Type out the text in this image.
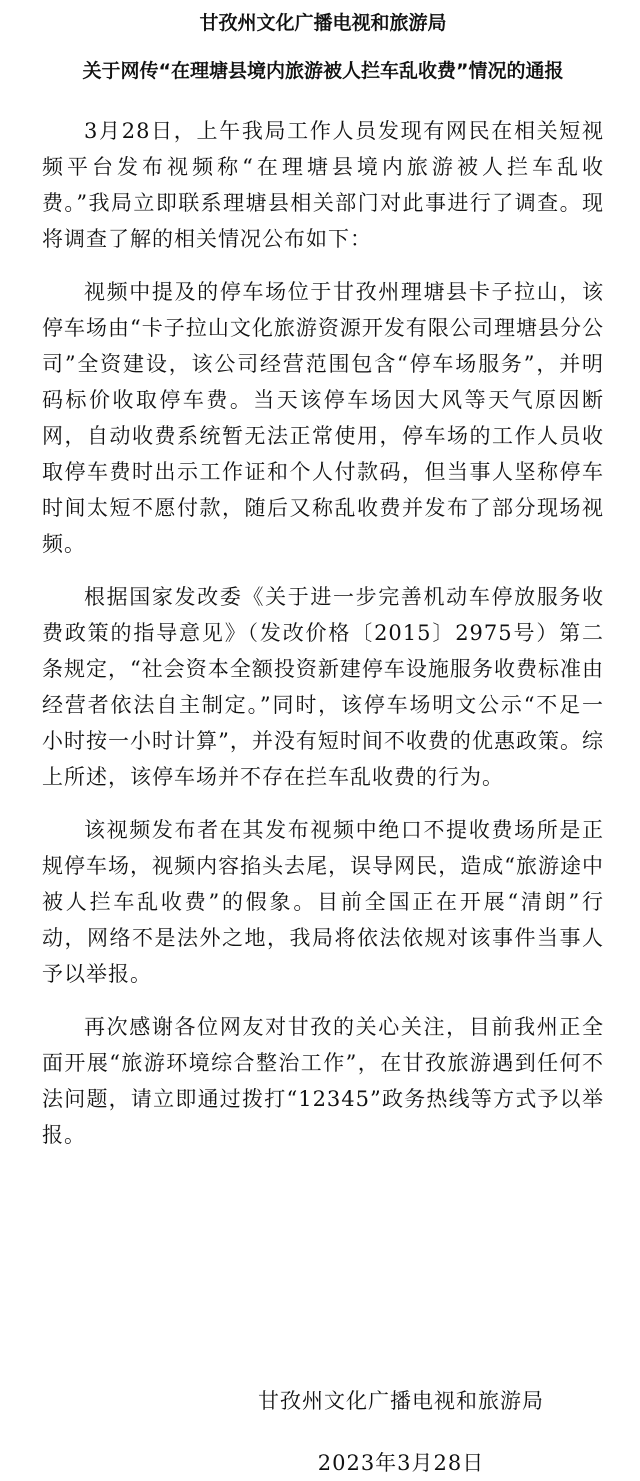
甘孜州文化广播电视和旅游局
关于网传“在理塘县境内旅游被人拦车乱收费”情况的通报

3月28日，上午我局工作人员发现有网民在相关短视频平台发布视频称“在理塘县境内旅游被人拦车乱收费。”我局立即联系理塘县相关部门对此事进行了调查。现将调查了解的相关情况公布如下：

视频中提及的停车场位于甘孜州理塘县卡子拉山，该停车场由“卡子拉山文化旅游资源开发有限公司理塘县分公司”全资建设，该公司经营范围包含“停车场服务”，并明码标价收取停车费。当天该停车场因大风等天气原因断网，自动收费系统暂无法正常使用，停车场的工作人员收取停车费时出示工作证和个人付款码，但当事人坚称停车时间太短不愿付款，随后又称乱收费并发布了部分现场视频。

根据国家发改委《关于进一步完善机动车停放服务收费政策的指导意见》（发改价格〔2015〕2975号）第二条规定，“社会资本全额投资新建停车设施服务收费标准由经营者依法自主制定。”同时，该停车场明文公示“不足一小时按一小时计算”，并没有短时间不收费的优惠政策。综上所述，该停车场并不存在拦车乱收费的行为。

该视频发布者在其发布视频中绝口不提收费场所是正规停车场，视频内容掐头去尾，误导网民，造成“旅游途中被人拦车乱收费”的假象。目前全国正在开展“清朗”行动，网络不是法外之地，我局将依法依规对该事件当事人予以举报。

再次感谢各位网友对甘孜的关心关注，目前我州正全面开展“旅游环境综合整治工作”，在甘孜旅游遇到任何不法问题，请立即通过拨打“12345”政务热线等方式予以举报。

甘孜州文化广播电视和旅游局

2023年3月28日
